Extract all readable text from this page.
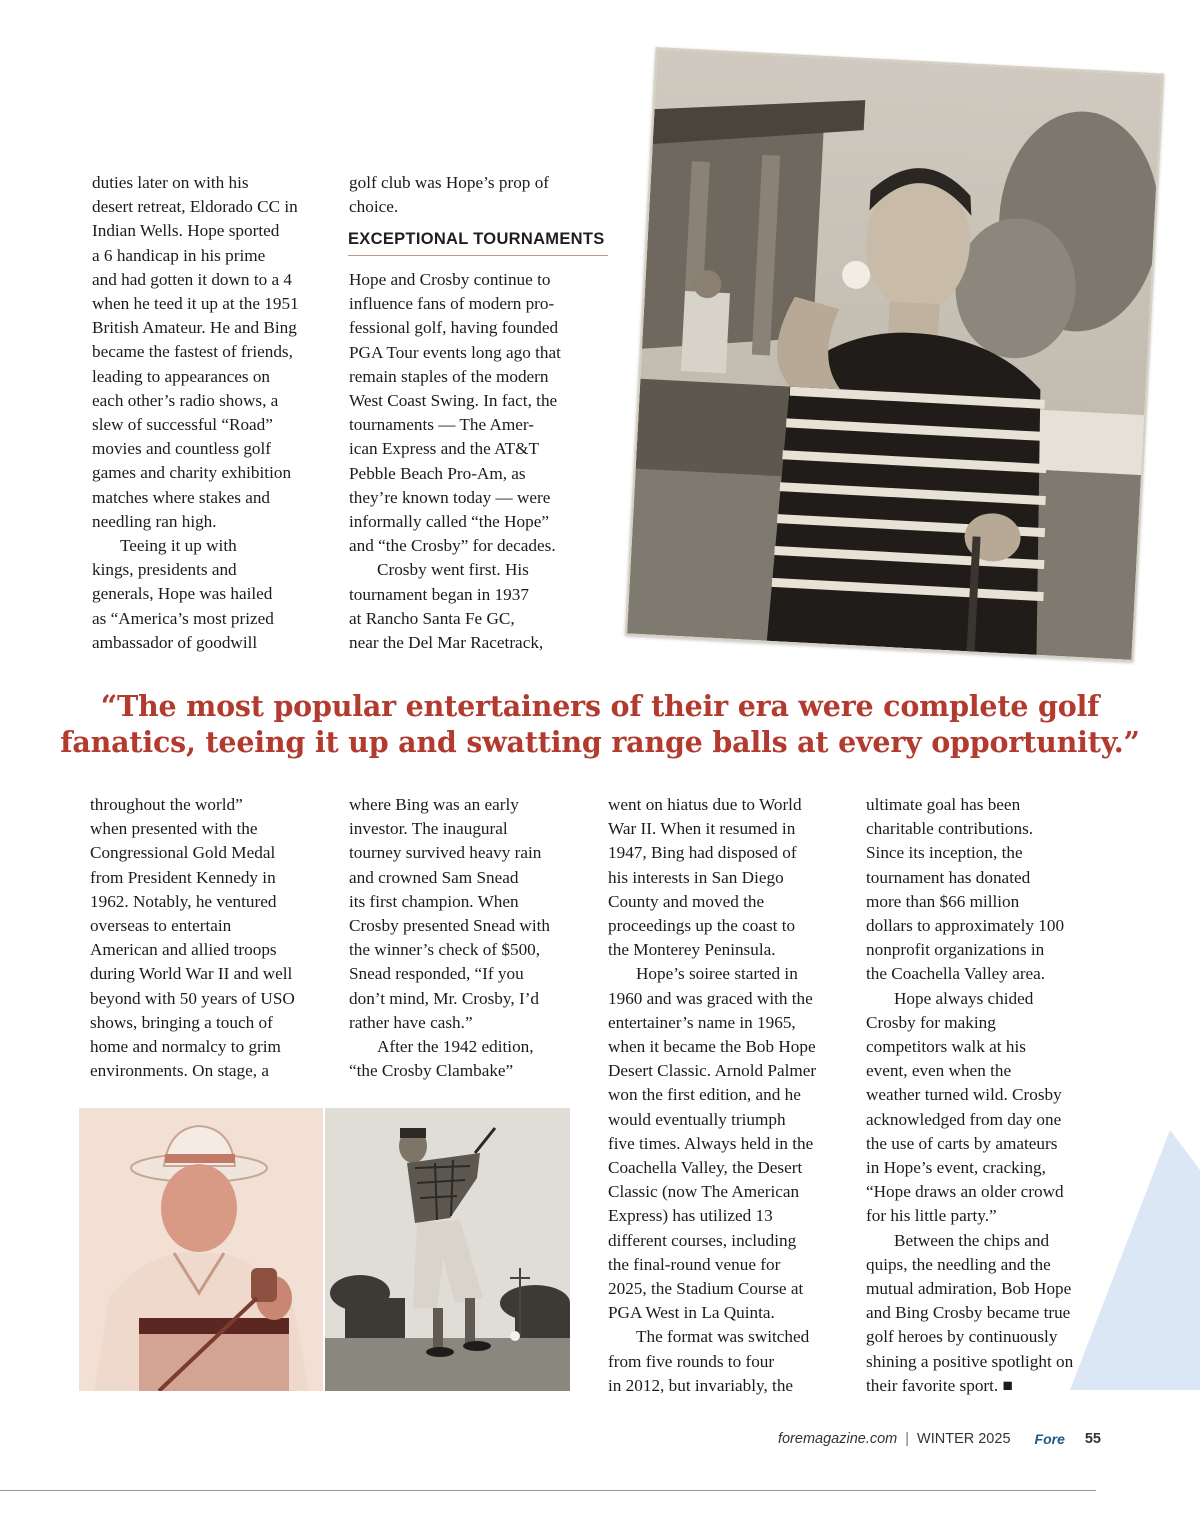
duties later on with his
desert retreat, Eldorado CC in
Indian Wells. Hope sported
a 6 handicap in his prime
and had gotten it down to a 4
when he teed it up at the 1951
British Amateur. He and Bing
became the fastest of friends,
leading to appearances on
each other’s radio shows, a
slew of successful “Road”
movies and countless golf
games and charity exhibition
matches where stakes and
needling ran high.
Teeing it up with
kings, presidents and
generals, Hope was hailed
as “America’s most prized
ambassador of goodwill
golf club was Hope’s prop of
choice.
EXCEPTIONAL TOURNAMENTS
Hope and Crosby continue to
influence fans of modern pro-
fessional golf, having founded
PGA Tour events long ago that
remain staples of the modern
West Coast Swing. In fact, the
tournaments — The Amer-
ican Express and the AT&T
Pebble Beach Pro-Am, as
they’re known today — were
informally called “the Hope”
and “the Crosby” for decades.
Crosby went first. His
tournament began in 1937
at Rancho Santa Fe GC,
near the Del Mar Racetrack,
“The most popular entertainers of their era were complete golf
fanatics, teeing it up and swatting range balls at every opportunity.”
throughout the world”
when presented with the
Congressional Gold Medal
from President Kennedy in
1962. Notably, he ventured
overseas to entertain
American and allied troops
during World War II and well
beyond with 50 years of USO
shows, bringing a touch of
home and normalcy to grim
environments. On stage, a
where Bing was an early
investor. The inaugural
tourney survived heavy rain
and crowned Sam Snead
its first champion. When
Crosby presented Snead with
the winner’s check of $500,
Snead responded, “If you
don’t mind, Mr. Crosby, I’d
rather have cash.”
After the 1942 edition,
“the Crosby Clambake”
went on hiatus due to World
War II. When it resumed in
1947, Bing had disposed of
his interests in San Diego
County and moved the
proceedings up the coast to
the Monterey Peninsula.
Hope’s soiree started in
1960 and was graced with the
entertainer’s name in 1965,
when it became the Bob Hope
Desert Classic. Arnold Palmer
won the first edition, and he
would eventually triumph
five times. Always held in the
Coachella Valley, the Desert
Classic (now The American
Express) has utilized 13
different courses, including
the final-round venue for
2025, the Stadium Course at
PGA West in La Quinta.
The format was switched
from five rounds to four
in 2012, but invariably, the
ultimate goal has been
charitable contributions.
Since its inception, the
tournament has donated
more than $66 million
dollars to approximately 100
nonprofit organizations in
the Coachella Valley area.
Hope always chided
Crosby for making
competitors walk at his
event, even when the
weather turned wild. Crosby
acknowledged from day one
the use of carts by amateurs
in Hope’s event, cracking,
“Hope draws an older crowd
for his little party.”
Between the chips and
quips, the needling and the
mutual admiration, Bob Hope
and Bing Crosby became true
golf heroes by continuously
shining a positive spotlight on
their favorite sport. ■
foremagazine.com | WINTER 2025 Fore 55
